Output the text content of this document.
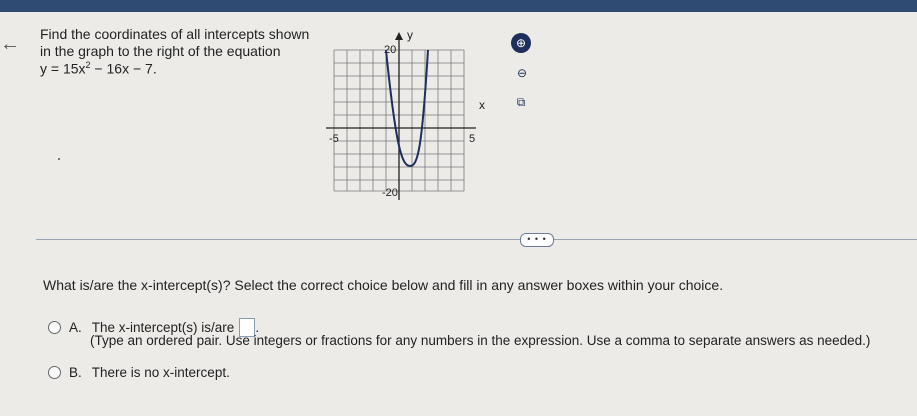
← Find the coordinates of all intercepts shown
in the graph to the right of the equation
$y = 15x^2 - 16x - 7$.
y
x
20
-20
-5	5
⊕
⊖
⧉
• • •
What is/are the x-intercept(s)? Select the correct choice below and fill in any answer boxes within your choice.
A. The x-intercept(s) is/are .
(Type an ordered pair. Use integers or fractions for any numbers in the expression. Use a comma to separate answers as needed.)
B. There is no x-intercept.
